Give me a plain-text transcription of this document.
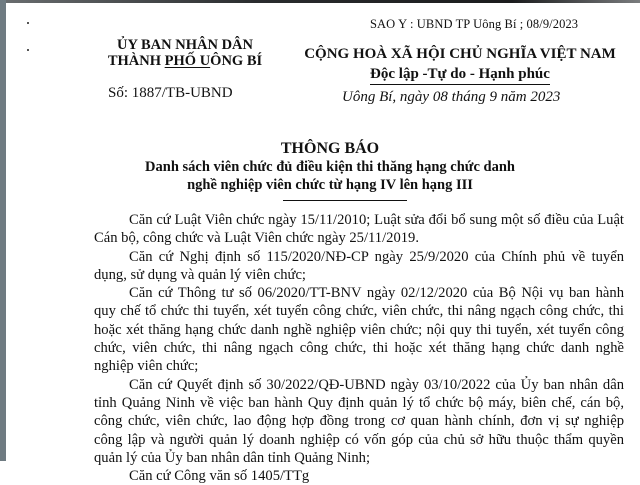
SAO Y : UBND TP Uông Bí ; 08/9/2023
ỦY BAN NHÂN DÂN
THÀNH PHỐ UÔNG BÍ
Số: 1887/TB-UBND
CỘNG HOÀ XÃ HỘI CHỦ NGHĨA VIỆT NAM
Độc lập -Tự do - Hạnh phúc
Uông Bí, ngày 08 tháng 9 năm 2023
THÔNG BÁO
Danh sách viên chức đủ điều kiện thi thăng hạng chức danh
nghề nghiệp viên chức từ hạng IV lên hạng III

Căn cứ Luật Viên chức ngày 15/11/2010; Luật sửa đổi bổ sung một số điều của Luật Cán bộ, công chức và Luật Viên chức ngày 25/11/2019.

Căn cứ Nghị định số 115/2020/NĐ-CP ngày 25/9/2020 của Chính phủ về tuyển dụng, sử dụng và quản lý viên chức;

Căn cứ Thông tư số 06/2020/TT-BNV ngày 02/12/2020 của Bộ Nội vụ ban hành quy chế tổ chức thi tuyển, xét tuyển công chức, viên chức, thi nâng ngạch công chức, thi hoặc xét thăng hạng chức danh nghề nghiệp viên chức; nội quy thi tuyển, xét tuyển công chức, viên chức, thi nâng ngạch công chức, thi hoặc xét thăng hạng chức danh nghề nghiệp viên chức;

Căn cứ Quyết định số 30/2022/QĐ-UBND ngày 03/10/2022 của Ủy ban nhân dân tỉnh Quảng Ninh về việc ban hành Quy định quản lý tổ chức bộ máy, biên chế, cán bộ, công chức, viên chức, lao động hợp đồng trong cơ quan hành chính, đơn vị sự nghiệp công lập và người quản lý doanh nghiệp có vốn góp của chủ sở hữu thuộc thẩm quyền quản lý của Ủy ban nhân dân tỉnh Quảng Ninh;

Căn cứ Công văn số 1405/TTg
